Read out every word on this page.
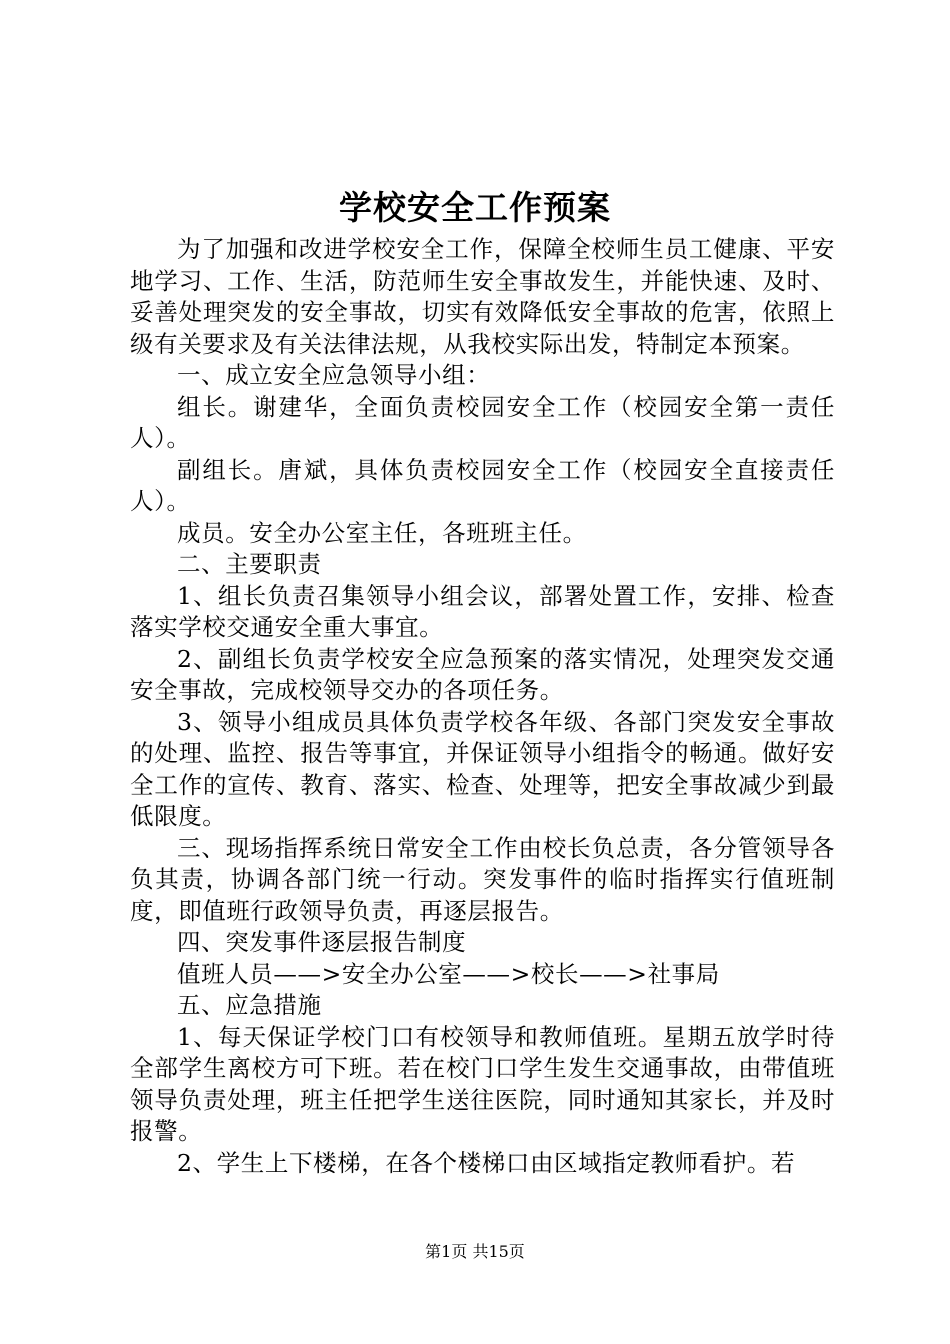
学校安全工作预案

为了加强和改进学校安全工作，保障全校师生员工健康、平安地学习、工作、生活，防范师生安全事故发生，并能快速、及时、妥善处理突发的安全事故，切实有效降低安全事故的危害，依照上级有关要求及有关法律法规，从我校实际出发，特制定本预案。

一、成立安全应急领导小组：

组长。谢建华，全面负责校园安全工作（校园安全第一责任人）。

副组长。唐斌，具体负责校园安全工作（校园安全直接责任人）。

成员。安全办公室主任，各班班主任。

二、主要职责

1、组长负责召集领导小组会议，部署处置工作，安排、检查落实学校交通安全重大事宜。

2、副组长负责学校安全应急预案的落实情况，处理突发交通安全事故，完成校领导交办的各项任务。

3、领导小组成员具体负责学校各年级、各部门突发安全事故的处理、监控、报告等事宜，并保证领导小组指令的畅通。做好安全工作的宣传、教育、落实、检查、处理等，把安全事故减少到最低限度。

三、现场指挥系统日常安全工作由校长负总责，各分管领导各负其责，协调各部门统一行动。突发事件的临时指挥实行值班制度，即值班行政领导负责，再逐层报告。

四、突发事件逐层报告制度

值班人员——>安全办公室——>校长——>社事局

五、应急措施

1、每天保证学校门口有校领导和教师值班。星期五放学时待全部学生离校方可下班。若在校门口学生发生交通事故，由带值班领导负责处理，班主任把学生送往医院，同时通知其家长，并及时报警。

2、学生上下楼梯，在各个楼梯口由区域指定教师看护。若

第1页 共15页
